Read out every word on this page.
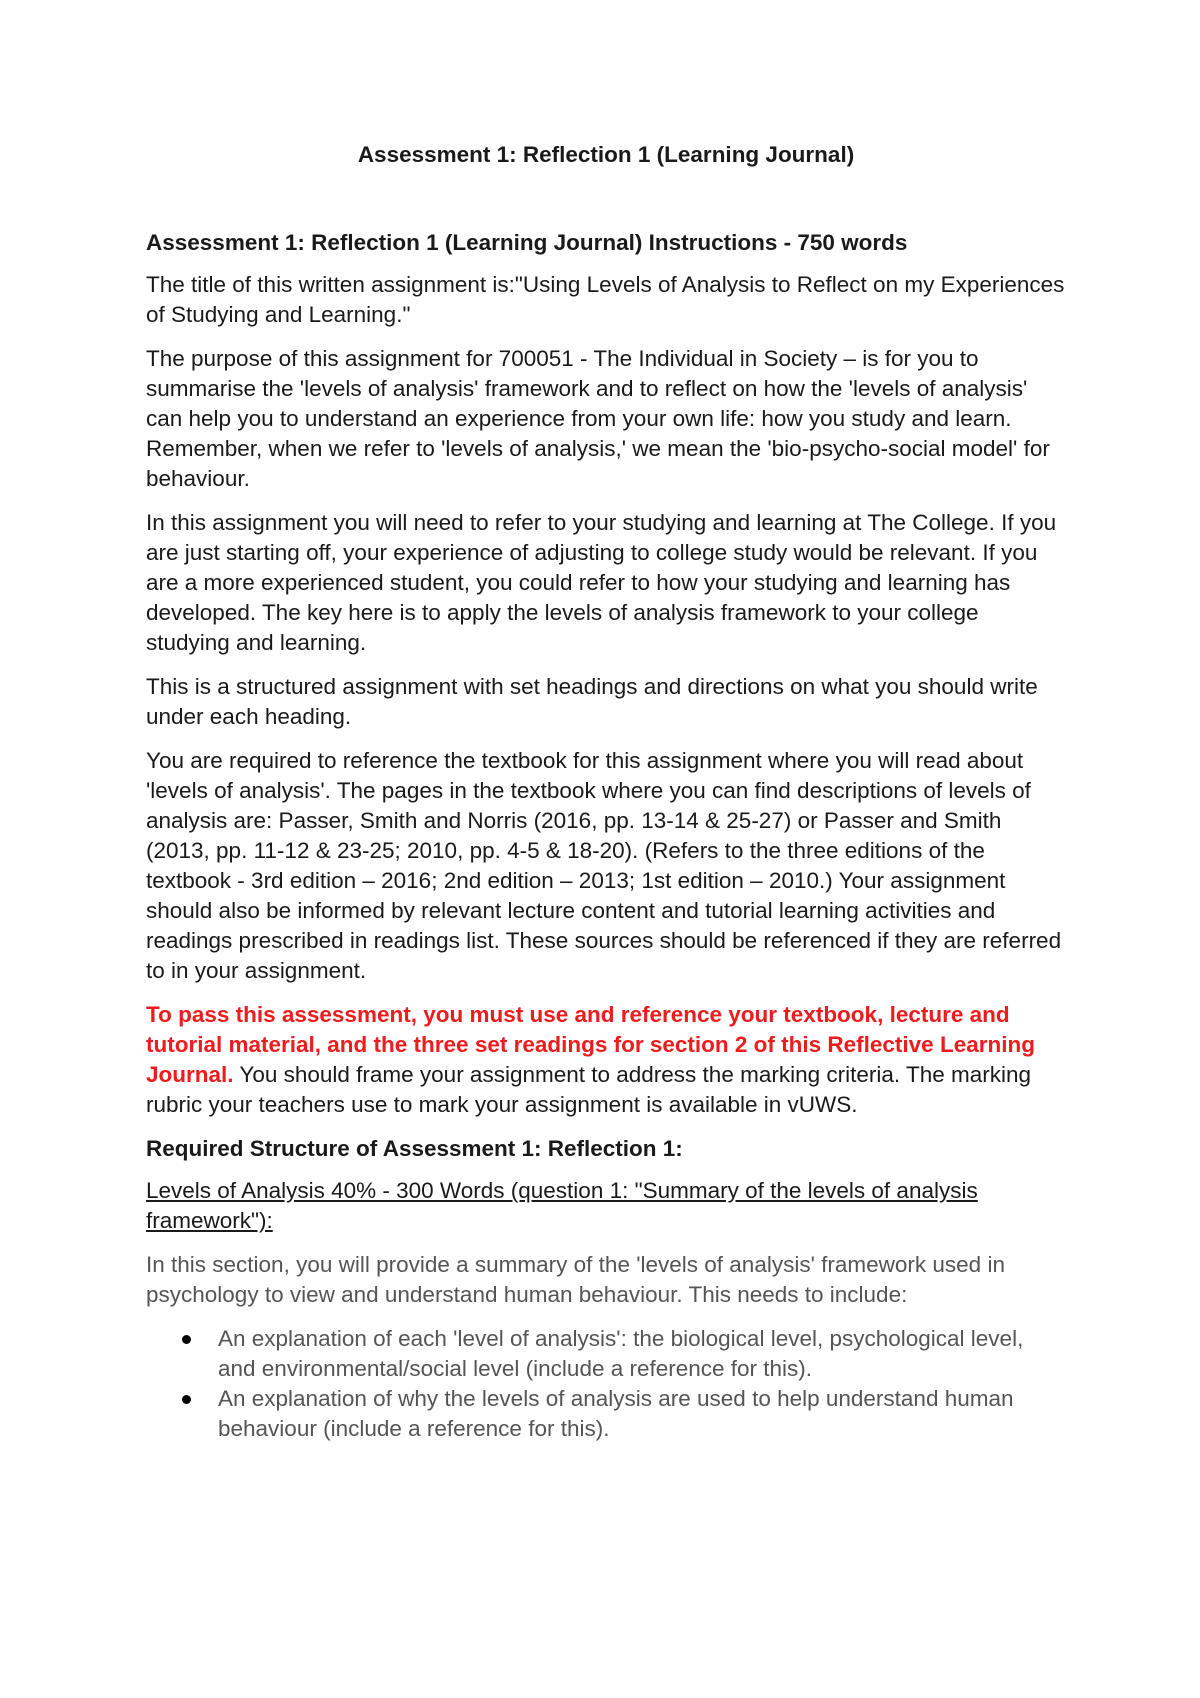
Assessment 1: Reflection 1 (Learning Journal)
Assessment 1: Reflection 1 (Learning Journal) Instructions - 750 words

The title of this written assignment is:"Using Levels of Analysis to Reflect on my Experiences of Studying and Learning."

The purpose of this assignment for 700051 - The Individual in Society – is for you to summarise the 'levels of analysis' framework and to reflect on how the 'levels of analysis' can help you to understand an experience from your own life: how you study and learn. Remember, when we refer to 'levels of analysis,' we mean the 'bio-psycho-social model' for behaviour.

In this assignment you will need to refer to your studying and learning at The College. If you are just starting off, your experience of adjusting to college study would be relevant. If you are a more experienced student, you could refer to how your studying and learning has developed. The key here is to apply the levels of analysis framework to your college studying and learning.

This is a structured assignment with set headings and directions on what you should write under each heading.

You are required to reference the textbook for this assignment where you will read about 'levels of analysis'. The pages in the textbook where you can find descriptions of levels of analysis are: Passer, Smith and Norris (2016, pp. 13-14 & 25-27) or Passer and Smith (2013, pp. 11-12 & 23-25; 2010, pp. 4-5 & 18-20). (Refers to the three editions of the textbook - 3rd edition – 2016; 2nd edition – 2013; 1st edition – 2010.) Your assignment should also be informed by relevant lecture content and tutorial learning activities and readings prescribed in readings list. These sources should be referenced if they are referred to in your assignment.

To pass this assessment, you must use and reference your textbook, lecture and tutorial material, and the three set readings for section 2 of this Reflective Learning Journal. You should frame your assignment to address the marking criteria. The marking rubric your teachers use to mark your assignment is available in vUWS.

Required Structure of Assessment 1: Reflection 1:
Levels of Analysis 40% - 300 Words (question 1: "Summary of the levels of analysis framework"):

In this section, you will provide a summary of the 'levels of analysis' framework used in psychology to view and understand human behaviour. This needs to include:

An explanation of each 'level of analysis': the biological level, psychological level, and environmental/social level (include a reference for this).
An explanation of why the levels of analysis are used to help understand human behaviour (include a reference for this).
